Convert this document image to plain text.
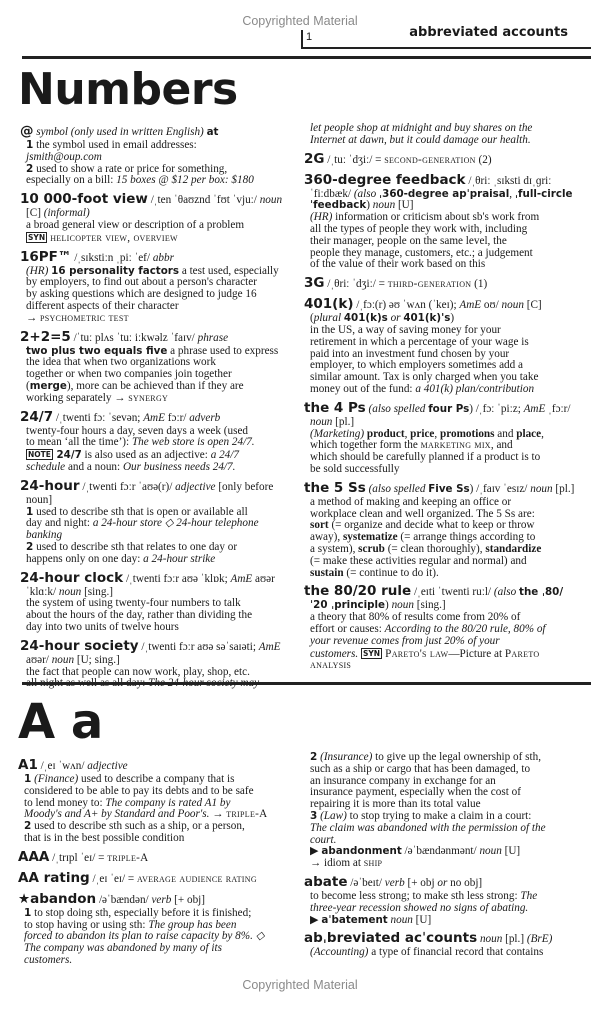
Copyrighted Material
1	abbreviated accounts
Numbers
@ symbol (only used in written English) at
1 the symbol used in email addresses:
jsmith@oup.com
2 used to show a rate or price for something,
especially on a bill: 15 boxes @ $12 per box: $180
10 000-foot view /ˌten ˈθaʊznd ˈfʊt ˈvjuː/ noun
[C] (informal)
a broad general view or description of a problem
SYN helicopter view, overview
16PF™ /ˌsɪkstiːn ˌpiː ˈef/ abbr
(HR) 16 personality factors a test used, especially
by employers, to find out about a person's character
by asking questions which are designed to judge 16
different aspects of their character
→ psychometric test
2+2=5 /ˈtuː plʌs ˈtuː iːkwəlz ˈfaɪv/ phrase
two plus two equals five a phrase used to express
the idea that when two organizations work
together or when two companies join together
(merge), more can be achieved than if they are
working separately → synergy
24/7 /ˌtwenti fɔː ˈsevən; AmE fɔːr/ adverb
twenty-four hours a day, seven days a week (used
to mean ‘all the time’): The web store is open 24/7.
NOTE 24/7 is also used as an adjective: a 24/7
schedule and a noun: Our business needs 24/7.
24-hour /ˌtwenti fɔːr ˈaʊə(r)/ adjective [only before
noun]
1 used to describe sth that is open or available all
day and night: a 24-hour store ◇ 24-hour telephone
banking
2 used to describe sth that relates to one day or
happens only on one day: a 24-hour strike
24-hour clock /ˌtwenti fɔːr aʊə ˈklɒk; AmE aʊər
ˈklɑːk/ noun [sing.]
the system of using twenty-four numbers to talk
about the hours of the day, rather than dividing the
day into two units of twelve hours
24-hour society /ˌtwenti fɔːr aʊə səˈsaɪəti; AmE
aʊər/ noun [U; sing.]
the fact that people can now work, play, shop, etc.
let people shop at midnight and buy shares on the
Internet at dawn, but it could damage our health.
2G /ˌtuː ˈdʒiː/ = second-generation (2)
360-degree feedback /ˌθriː ˌsɪksti dɪˌɡriː
ˈfiːdbæk/ (also ˌ360-degree apˈpraisal, ˌfull-circle
ˈfeedback) noun [U]
(HR) information or criticism about sb's work from
all the types of people they work with, including
their manager, people on the same level, the
people they manage, customers, etc.; a judgement
of the value of their work based on this
3G /ˌθriː ˈdʒiː/ = third-generation (1)
401(k) /ˌfɔː(r) əʊ ˈwʌn (ˈkeɪ); AmE oʊ/ noun [C]
(plural 401(k)s or 401(k)'s)
in the US, a way of saving money for your
retirement in which a percentage of your wage is
paid into an investment fund chosen by your
employer, to which employers sometimes add a
similar amount. Tax is only charged when you take
money out of the fund: a 401(k) plan/contribution
the 4 Ps (also spelled four Ps) /ˌfɔː ˈpiːz; AmE ˌfɔːr/
noun [pl.]
(Marketing) product, price, promotions and place,
which together form the marketing mix, and
which should be carefully planned if a product is to
be sold successfully
the 5 Ss (also spelled Five Ss) /ˌfaɪv ˈesɪz/ noun [pl.]
a method of making and keeping an office or
workplace clean and well organized. The 5 Ss are:
sort (= organize and decide what to keep or throw
away), systematize (= arrange things according to
a system), scrub (= clean thoroughly), standardize
(= make these activities regular and normal) and
sustain (= continue to do it).
the 80/20 rule /ˌeɪti ˈtwenti ruːl/ (also the ˌ80/
ˈ20 ˌprinciple) noun [sing.]
a theory that 80% of results come from 20% of
effort or causes: According to the 80/20 rule, 80% of
your revenue comes from just 20% of your
customers. SYN Pareto's law—Picture at Pareto
analysis
A a
A1 /ˌeɪ ˈwʌn/ adjective
1 (Finance) used to describe a company that is
considered to be able to pay its debts and to be safe
to lend money to: The company is rated A1 by
Moody's and A+ by Standard and Poor's. → triple-A
2 used to describe sth such as a ship, or a person,
that is in the best possible condition
AAA /ˌtrɪpl ˈeɪ/ = triple-A
AA rating /ˌeɪ ˈeɪ/ = average audience rating
★abandon /əˈbændən/ verb [+ obj]
1 to stop doing sth, especially before it is finished;
to stop having or using sth: The group has been
forced to abandon its plan to raise capacity by 8%. ◇
The company was abandoned by many of its
customers.
2 (Insurance) to give up the legal ownership of sth,
such as a ship or cargo that has been damaged, to
an insurance company in exchange for an
insurance payment, especially when the cost of
repairing it is more than its total value
3 (Law) to stop trying to make a claim in a court:
The claim was abandoned with the permission of the
court.
▶ abandonment /əˈbændənmənt/ noun [U]
→ idiom at ship
abate /əˈbeɪt/ verb [+ obj or no obj]
to become less strong; to make sth less strong: The
three-year recession showed no signs of abating.
▶ aˈbatement noun [U]
abˌbreviated acˈcounts noun [pl.] (BrE)
(Accounting) a type of financial record that contains
Copyrighted Material
